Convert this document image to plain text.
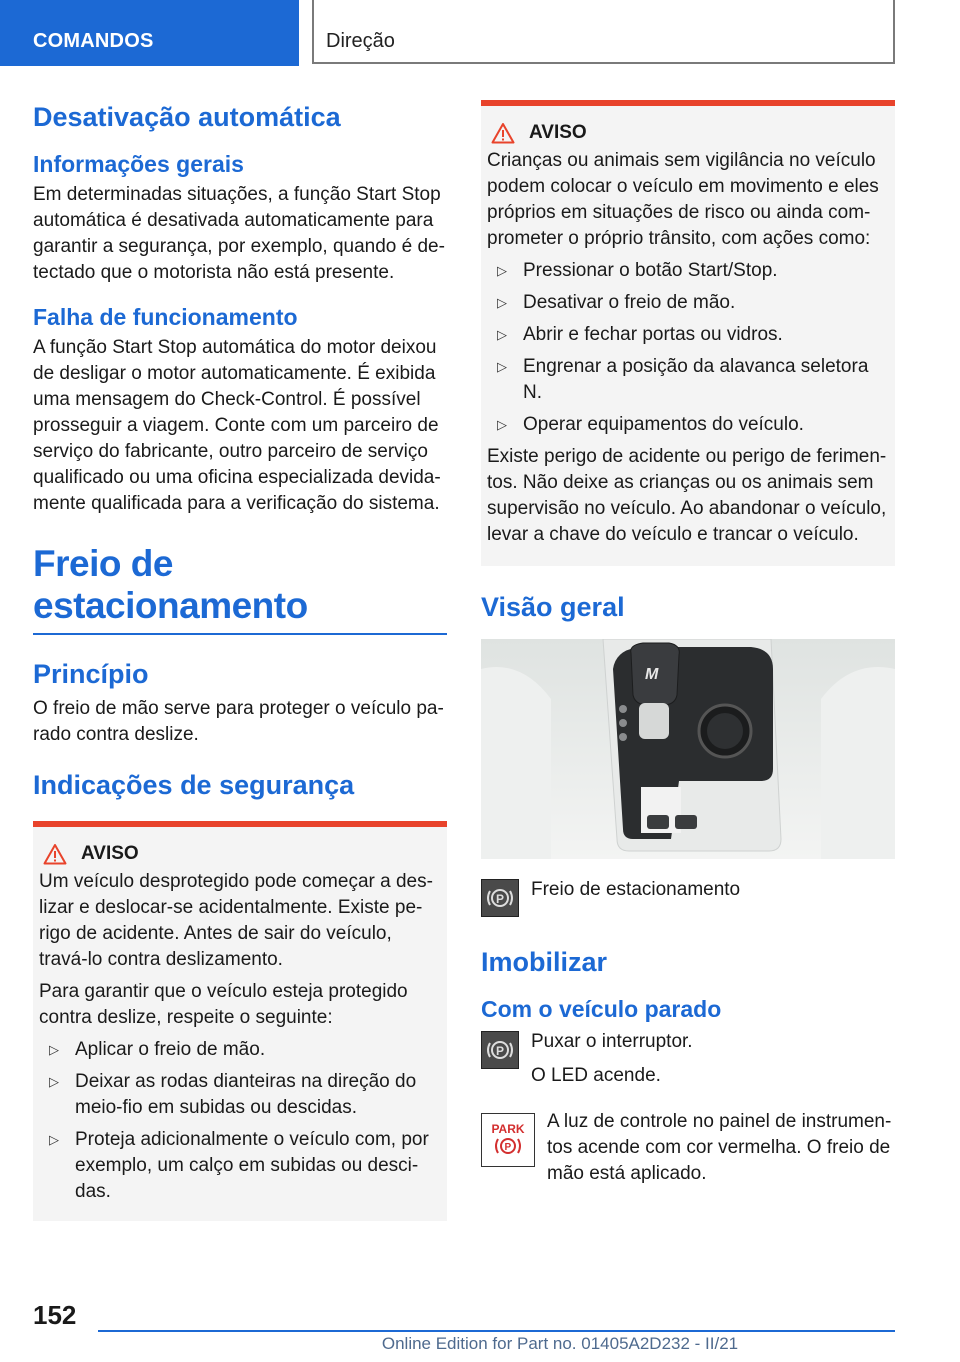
COMANDOS	Direção
Desativação automática
Informações gerais

Em determinadas situações, a função Start Stop automática é desativada automaticamente para garantir a segurança, por exemplo, quando é detectado que o motorista não está presente.

Falha de funcionamento

A função Start Stop automática do motor deixou de desligar o motor automaticamente. É exibida uma mensagem do Check-Control. É possível prosseguir a viagem. Conte com um parceiro de serviço do fabricante, outro parceiro de serviço qualificado ou uma oficina especializada devidamente qualificada para a verificação do sistema.

Freio de estacionamento
Princípio

O freio de mão serve para proteger o veículo parado contra deslize.

Indicações de segurança
AVISO

Um veículo desprotegido pode começar a deslizar e deslocar-se acidentalmente. Existe perigo de acidente. Antes de sair do veículo, travá-lo contra deslizamento.

Para garantir que o veículo esteja protegido contra deslize, respeite o seguinte:

▷ Aplicar o freio de mão.
▷ Deixar as rodas dianteiras na direção do meio-fio em subidas ou descidas.
▷ Proteja adicionalmente o veículo com, por exemplo, um calço em subidas ou descidas.
AVISO

Crianças ou animais sem vigilância no veículo podem colocar o veículo em movimento e eles próprios em situações de risco ou ainda comprometer o próprio trânsito, com ações como:

▷ Pressionar o botão Start/Stop.
▷ Desativar o freio de mão.
▷ Abrir e fechar portas ou vidros.
▷ Engrenar a posição da alavanca seletora N.
▷ Operar equipamentos do veículo.

Existe perigo de acidente ou perigo de ferimentos. Não deixe as crianças ou os animais sem supervisão no veículo. Ao abandonar o veículo, levar a chave do veículo e trancar o veículo.

Visão geral
M
P Freio de estacionamento

Imobilizar
Com o veículo parado
P Puxar o interruptor.

O LED acende.

PARK
P

A luz de controle no painel de instrumentos acende com cor vermelha. O freio de mão está aplicado.

152
Online Edition for Part no. 01405A2D232 - II/21
